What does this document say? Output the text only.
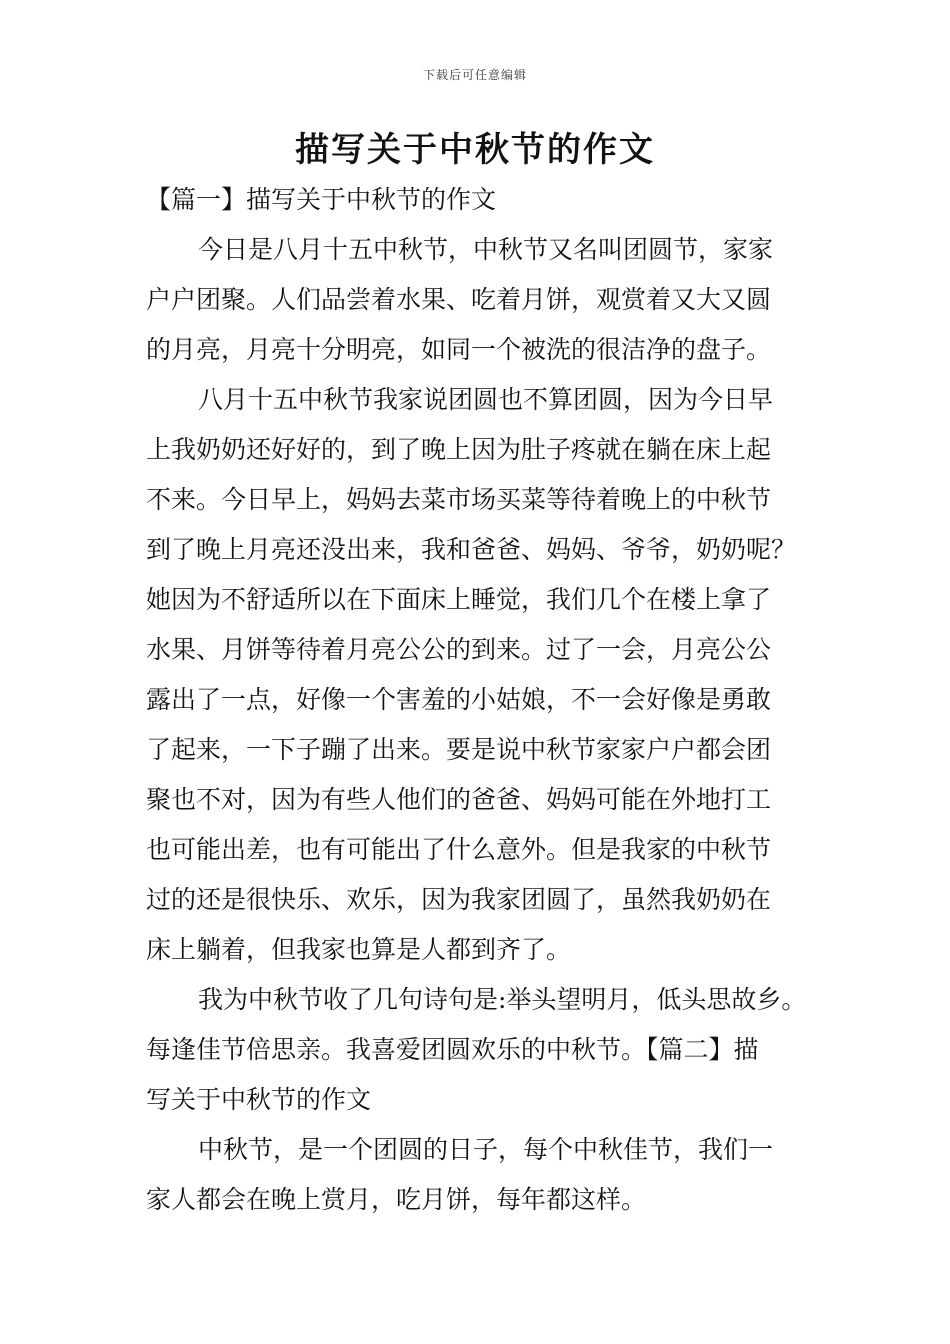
下载后可任意编辑
描写关于中秋节的作文
【篇一】描写关于中秋节的作文
今日是八月十五中秋节，中秋节又名叫团圆节，家家
户户团聚。人们品尝着水果、吃着月饼，观赏着又大又圆
的月亮，月亮十分明亮，如同一个被洗的很洁净的盘子。
八月十五中秋节我家说团圆也不算团圆，因为今日早
上我奶奶还好好的，到了晚上因为肚子疼就在躺在床上起
不来。今日早上，妈妈去菜市场买菜等待着晚上的中秋节
到了晚上月亮还没出来，我和爸爸、妈妈、爷爷，奶奶呢？
她因为不舒适所以在下面床上睡觉，我们几个在楼上拿了
水果、月饼等待着月亮公公的到来。过了一会，月亮公公
露出了一点，好像一个害羞的小姑娘，不一会好像是勇敢
了起来，一下子蹦了出来。要是说中秋节家家户户都会团
聚也不对，因为有些人他们的爸爸、妈妈可能在外地打工
也可能出差，也有可能出了什么意外。但是我家的中秋节
过的还是很快乐、欢乐，因为我家团圆了，虽然我奶奶在
床上躺着，但我家也算是人都到齐了。
我为中秋节收了几句诗句是:举头望明月，低头思故乡。
每逢佳节倍思亲。我喜爱团圆欢乐的中秋节。【篇二】描
写关于中秋节的作文
中秋节，是一个团圆的日子，每个中秋佳节，我们一
家人都会在晚上赏月，吃月饼，每年都这样。
